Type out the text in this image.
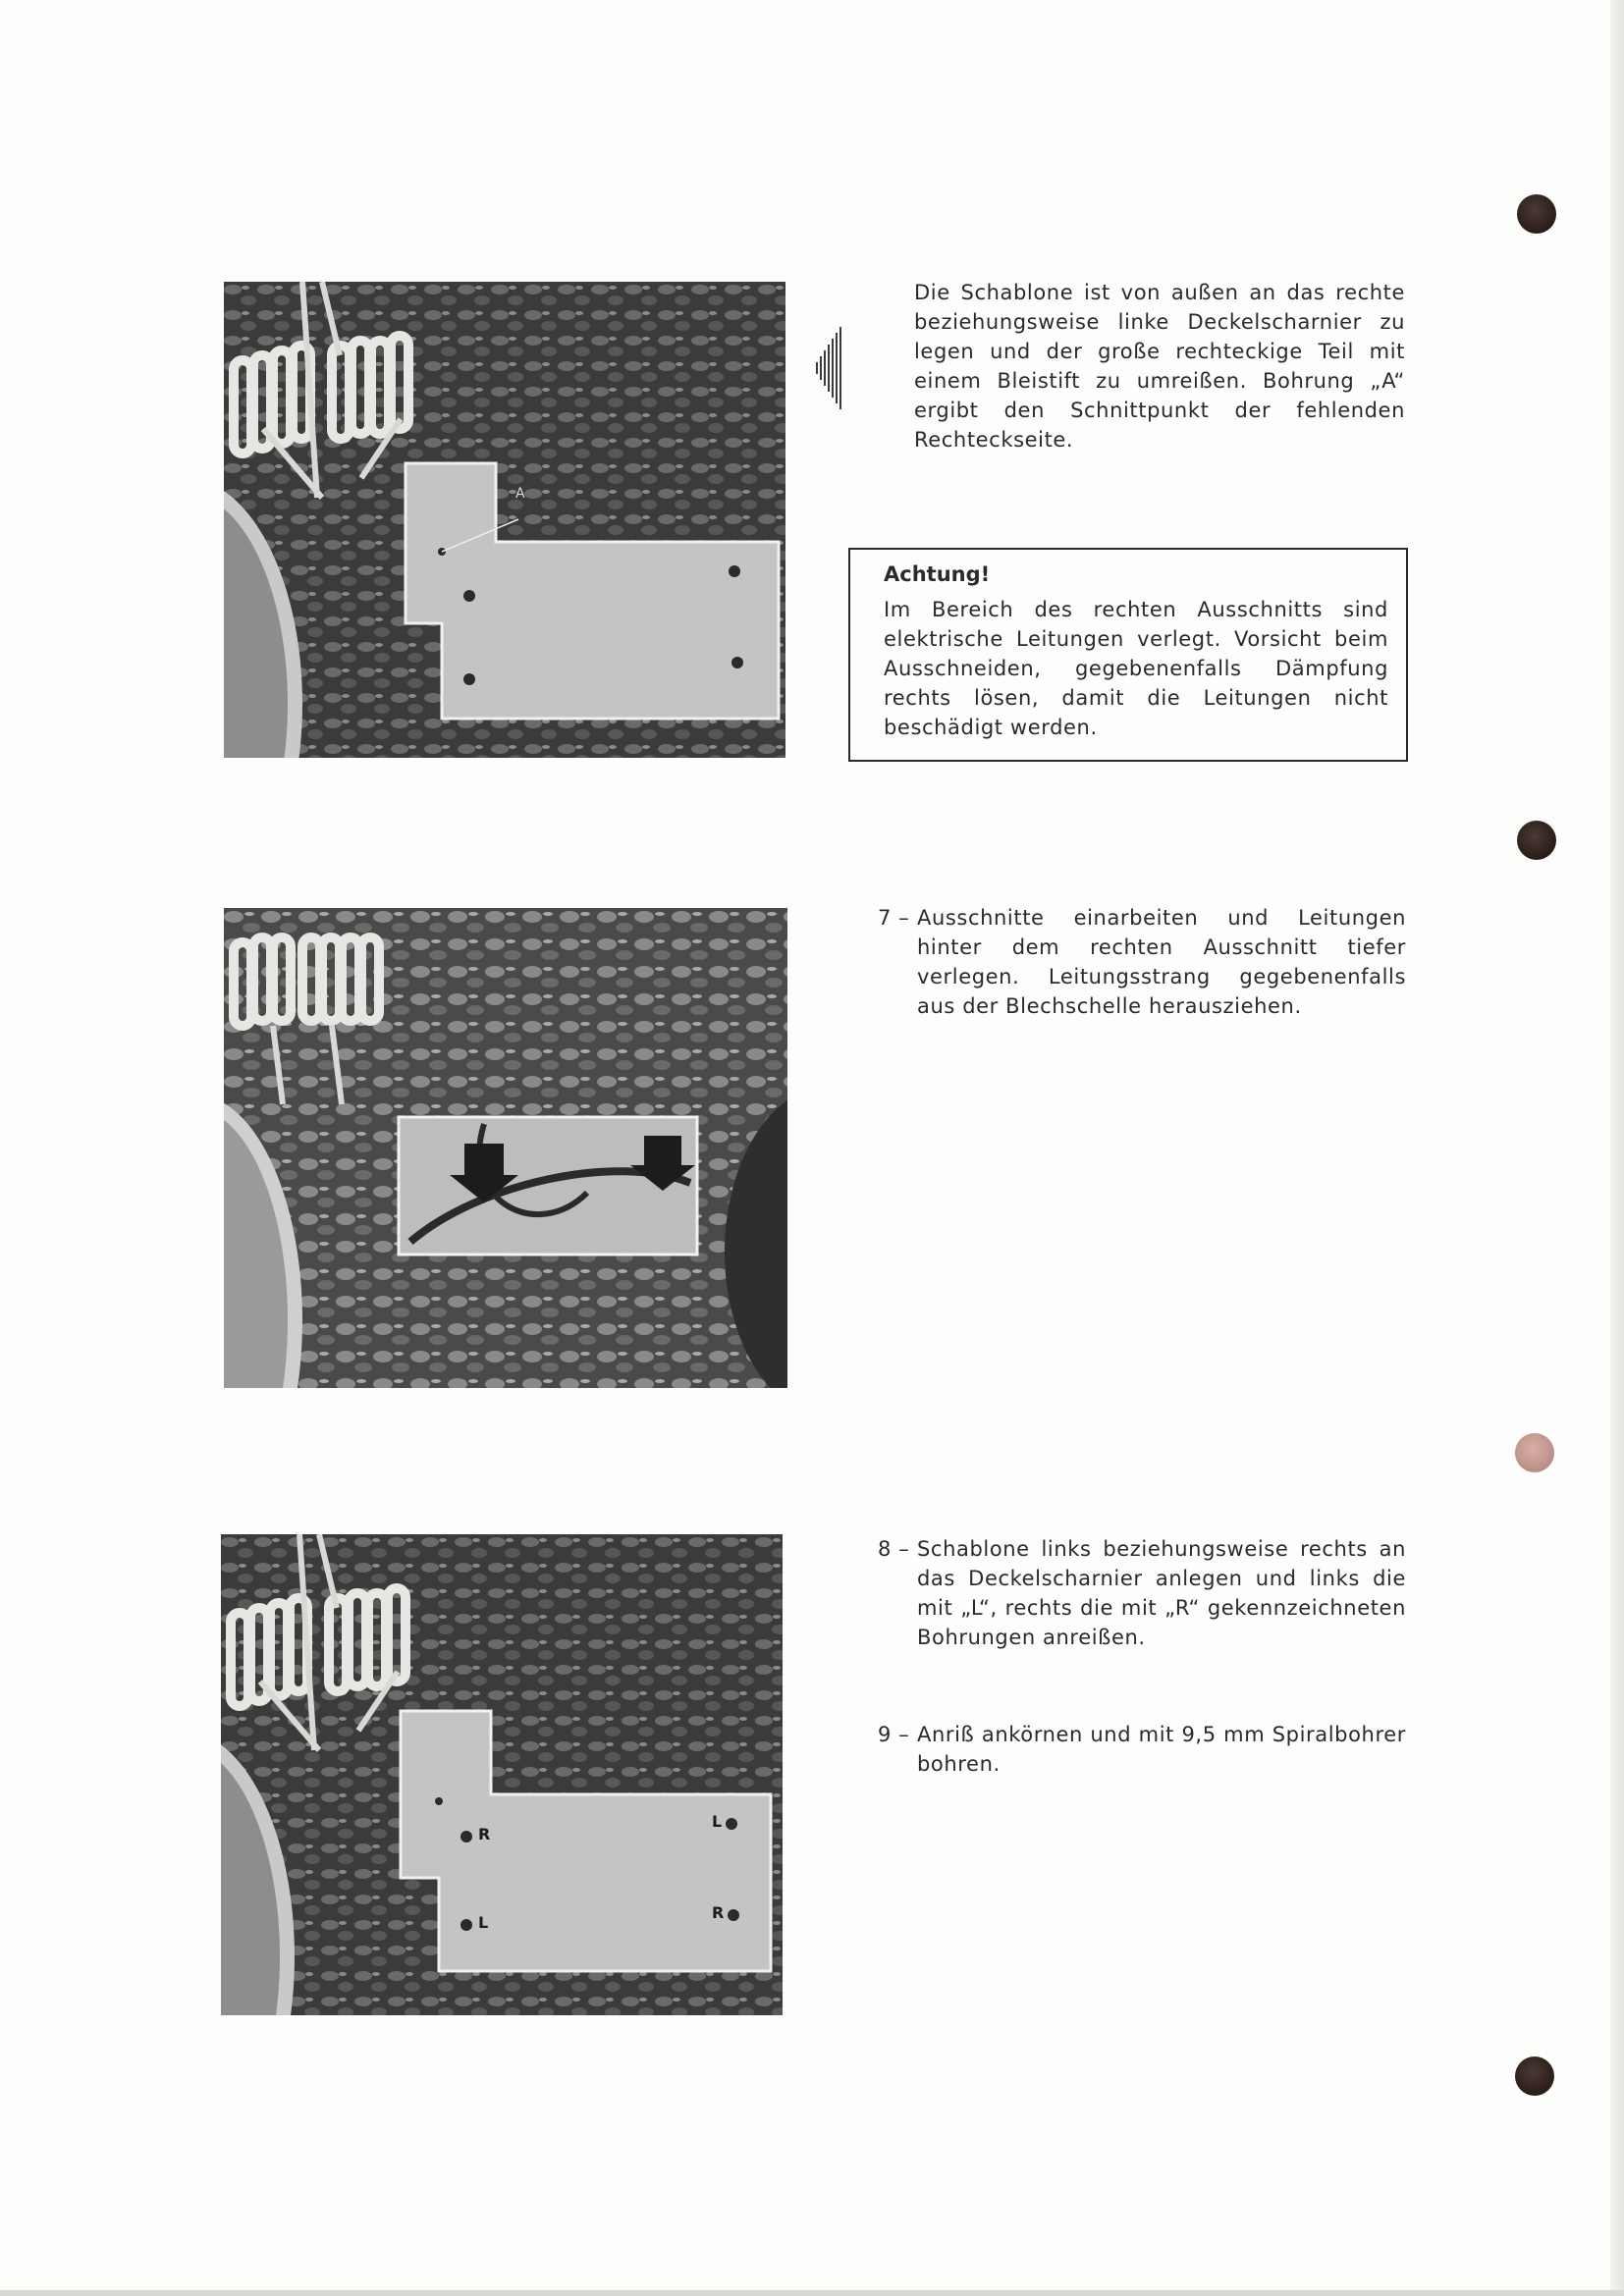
A
Die Schablone ist von außen an das rechte beziehungsweise linke Deckelscharnier zu legen und der große rechteckige Teil mit einem Bleistift zu umreißen. Bohrung „A“ ergibt den Schnittpunkt der fehlenden Rechteckseite.
Achtung!
Im Bereich des rechten Ausschnitts sind elektrische Leitungen verlegt. Vorsicht beim Ausschneiden, gegebenenfalls Dämpfung rechts lösen, damit die Leitungen nicht beschädigt werden.
7 – Ausschnitte einarbeiten und Leitungen hinter dem rechten Ausschnitt tiefer verlegen. Leitungsstrang gegebenenfalls aus der Blechschelle herausziehen.
R
L
L
R
8 – Schablone links beziehungsweise rechts an das Deckelscharnier anlegen und links die mit „L“, rechts die mit „R“ gekennzeichneten Bohrungen anreißen.
9 – Anriß ankörnen und mit 9,5 mm Spiralbohrer bohren.
